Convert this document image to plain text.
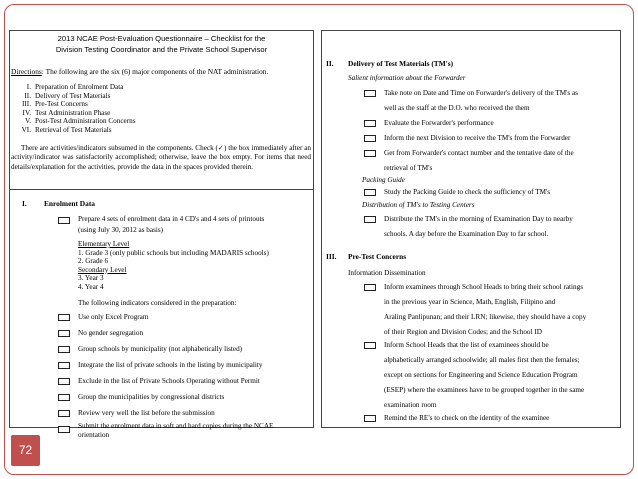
2013 NCAE Post-Evaluation Questionnaire – Checklist for the
Division Testing Coordinator and the Private School Supervisor
Directions: The following are the six (6) major components of the NAT administration.
I. Preparation of Enrolment Data
II. Delivery of Test Materials
III. Pre-Test Concerns
IV. Test Administration Phase
V. Post-Test Administration Concerns
VI. Retrieval of Test Materials
There are activities/indicators subsumed in the components. Check (✓) the box immediately after an activity/indicator was satisfactorily accomplished; otherwise, leave the box empty. For items that need details/explanation for the activities, provide the data in the spaces provided therein.
I. Enrolment Data
Prepare 4 sets of enrolment data in 4 CD's and 4 sets of printouts
(using July 30, 2012 as basis)
Elementary Level
1. Grade 3 (only public schools but including MADARIS schools)
2. Grade 6
Secondary Level
3. Year 3
4. Year 4
The following indicators considered in the preparation:
Use only Excel Program
No gender segregation
Group schools by municipality (not alphabetically listed)
Integrate the list of private schools in the listing by municipality
Exclude in the list of Private Schools Operating without Permit
Group the municipalities by congressional districts
Review very well the list before the submission
Submit the enrolment data in soft and hard copies during the NCAE
orientation
II. Delivery of Test Materials (TM's)
Salient information about the Forwarder
Take note on Date and Time on Forwarder's delivery of the TM's as
well as the staff at the D.O. who received the them
Evaluate the Forwarder's performance
Inform the next Division to receive the TM's from the Forwarder
Get from Forwarder's contact number and the tentative date of the
retrieval of TM's
Packing Guide
Study the Packing Guide to check the sufficiency of TM's
Distribution of TM's to Testing Centers
Distribute the TM's in the morning of Examination Day to nearby
schools. A day before the Examination Day to far school.
III. Pre-Test Concerns
Information Dissemination
Inform examinees through School Heads to bring their school ratings
in the previous year in Science, Math, English, Filipino and
Araling Panlipunan; and their LRN; likewise, they should have a copy
of their Region and Division Codes; and the School ID
Inform School Heads that the list of examinees should be
alphabetically arranged schoolwide; all males first then the females;
except on sections for Engineering and Science Education Program
(ESEP) where the examinees have to be grouped together in the same
examination room
Remind the RE's to check on the identity of the examinee
72
